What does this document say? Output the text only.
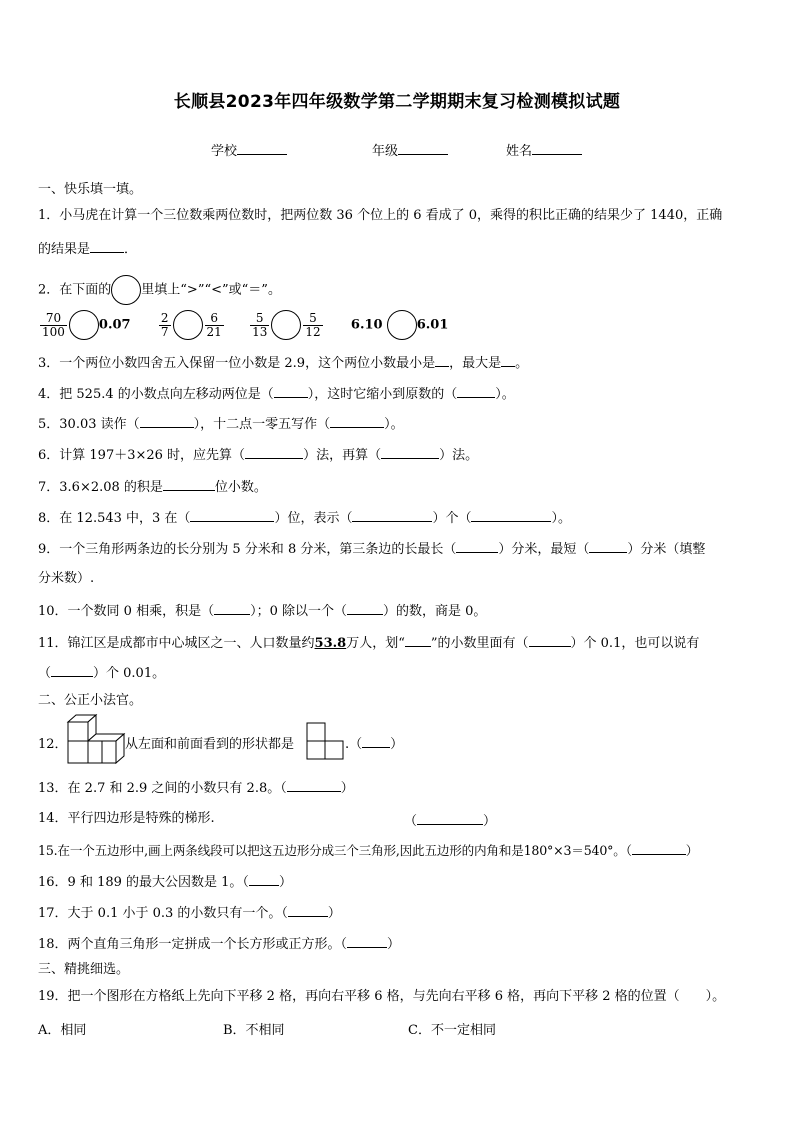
长顺县2023年四年级数学第二学期期末复习检测模拟试题
学校	年级	姓名
一、快乐填一填。
1．小马虎在计算一个三位数乘两位数时，把两位数 36 个位上的 6 看成了 0，乘得的积比正确的结果少了 1440，正确
的结果是	．
2．在下面的 里填上“>”“<”或“＝”。
$\frac{70}{100} 0.07 \frac{2}{7}$	$\frac{6}{21}$
$\frac{5}{13}$	$\frac{5}{12} 6.10$	6.01
3．一个两位小数四舍五入保留一位小数是 2.9，这个两位小数最小是 ，最大是 。
4．把 525.4 的小数点向左移动两位是（	），这时它缩小到原数的（	）。
5．30.03 读作（	），十二点一零五写作（	）。
6．计算 197＋3×26 时，应先算（	）法，再算（	）法。
7．3.6×2.08 的积是	位小数。
8．在 12.543 中，3 在（	）位，表示（	）个（	）。
9．一个三角形两条边的长分别为 5 分米和 8 分米，第三条边的长最长（	）分米，最短（	）分米（填整
分米数）.
10．一个数同 0 相乘，积是（	）；0 除以一个（	）的数，商是 0。
11．锦江区是成都市中心城区之一、人口数量约53.8万人，划“ ”的小数里面有（	）个 0.1，也可以说有
（	）个 0.01。
二、公正小法官。
12．	从左面和前面看到的形状都是	.（ ）
13．在 2.7 和 2.9 之间的小数只有 2.8。（	）
14．平行四边形是特殊的梯形.	（	）
15.在一个五边形中,画上两条线段可以把这五边形分成三个三角形,因此五边形的内角和是180°×3＝540°。（	）
16．9 和 189 的最大公因数是 1。（ ）
17．大于 0.1 小于 0.3 的小数只有一个。（	）
18．两个直角三角形一定拼成一个长方形或正方形。（	）
三、精挑细选。
19．把一个图形在方格纸上先向下平移 2 格，再向右平移 6 格，与先向右平移 6 格，再向下平移 2 格的位置（　　）。
A．相同	B．不相同	C．不一定相同
